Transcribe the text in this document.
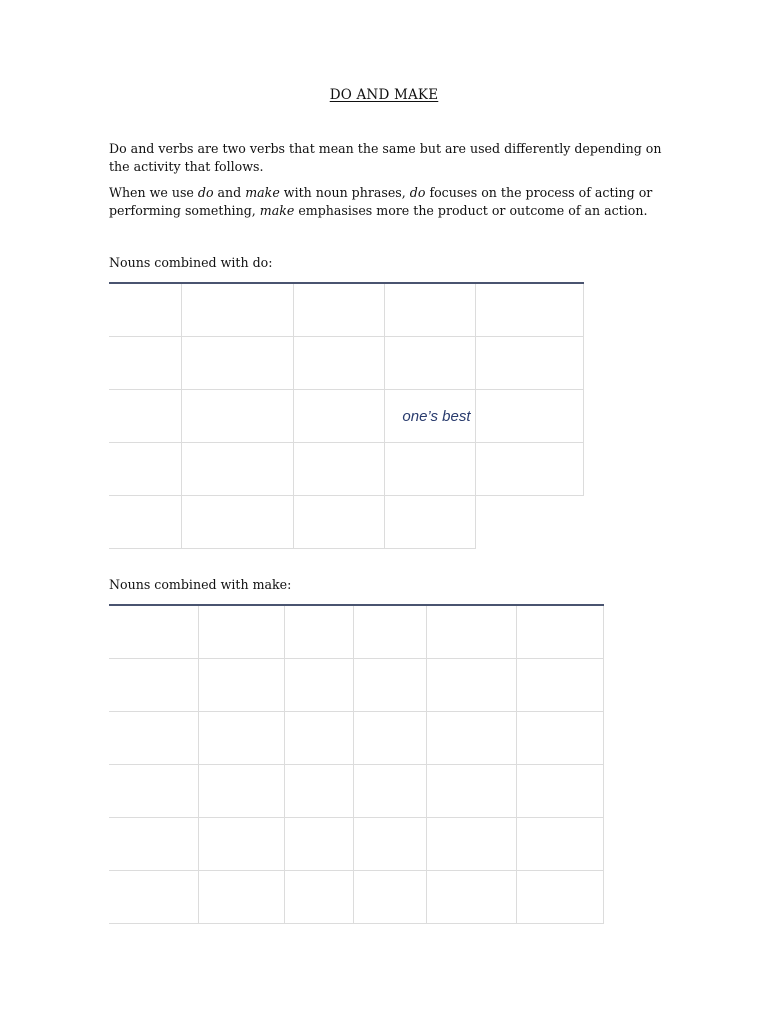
DO AND MAKE
Do and verbs are two verbs that mean the same but are used differently depending on the activity that follows.
When we use do and make with noun phrases, do focuses on the process of acting or performing something, make emphasises more the product or outcome of an action.
Nouns combined with do:

			one’s best	

Nouns combined with make:
